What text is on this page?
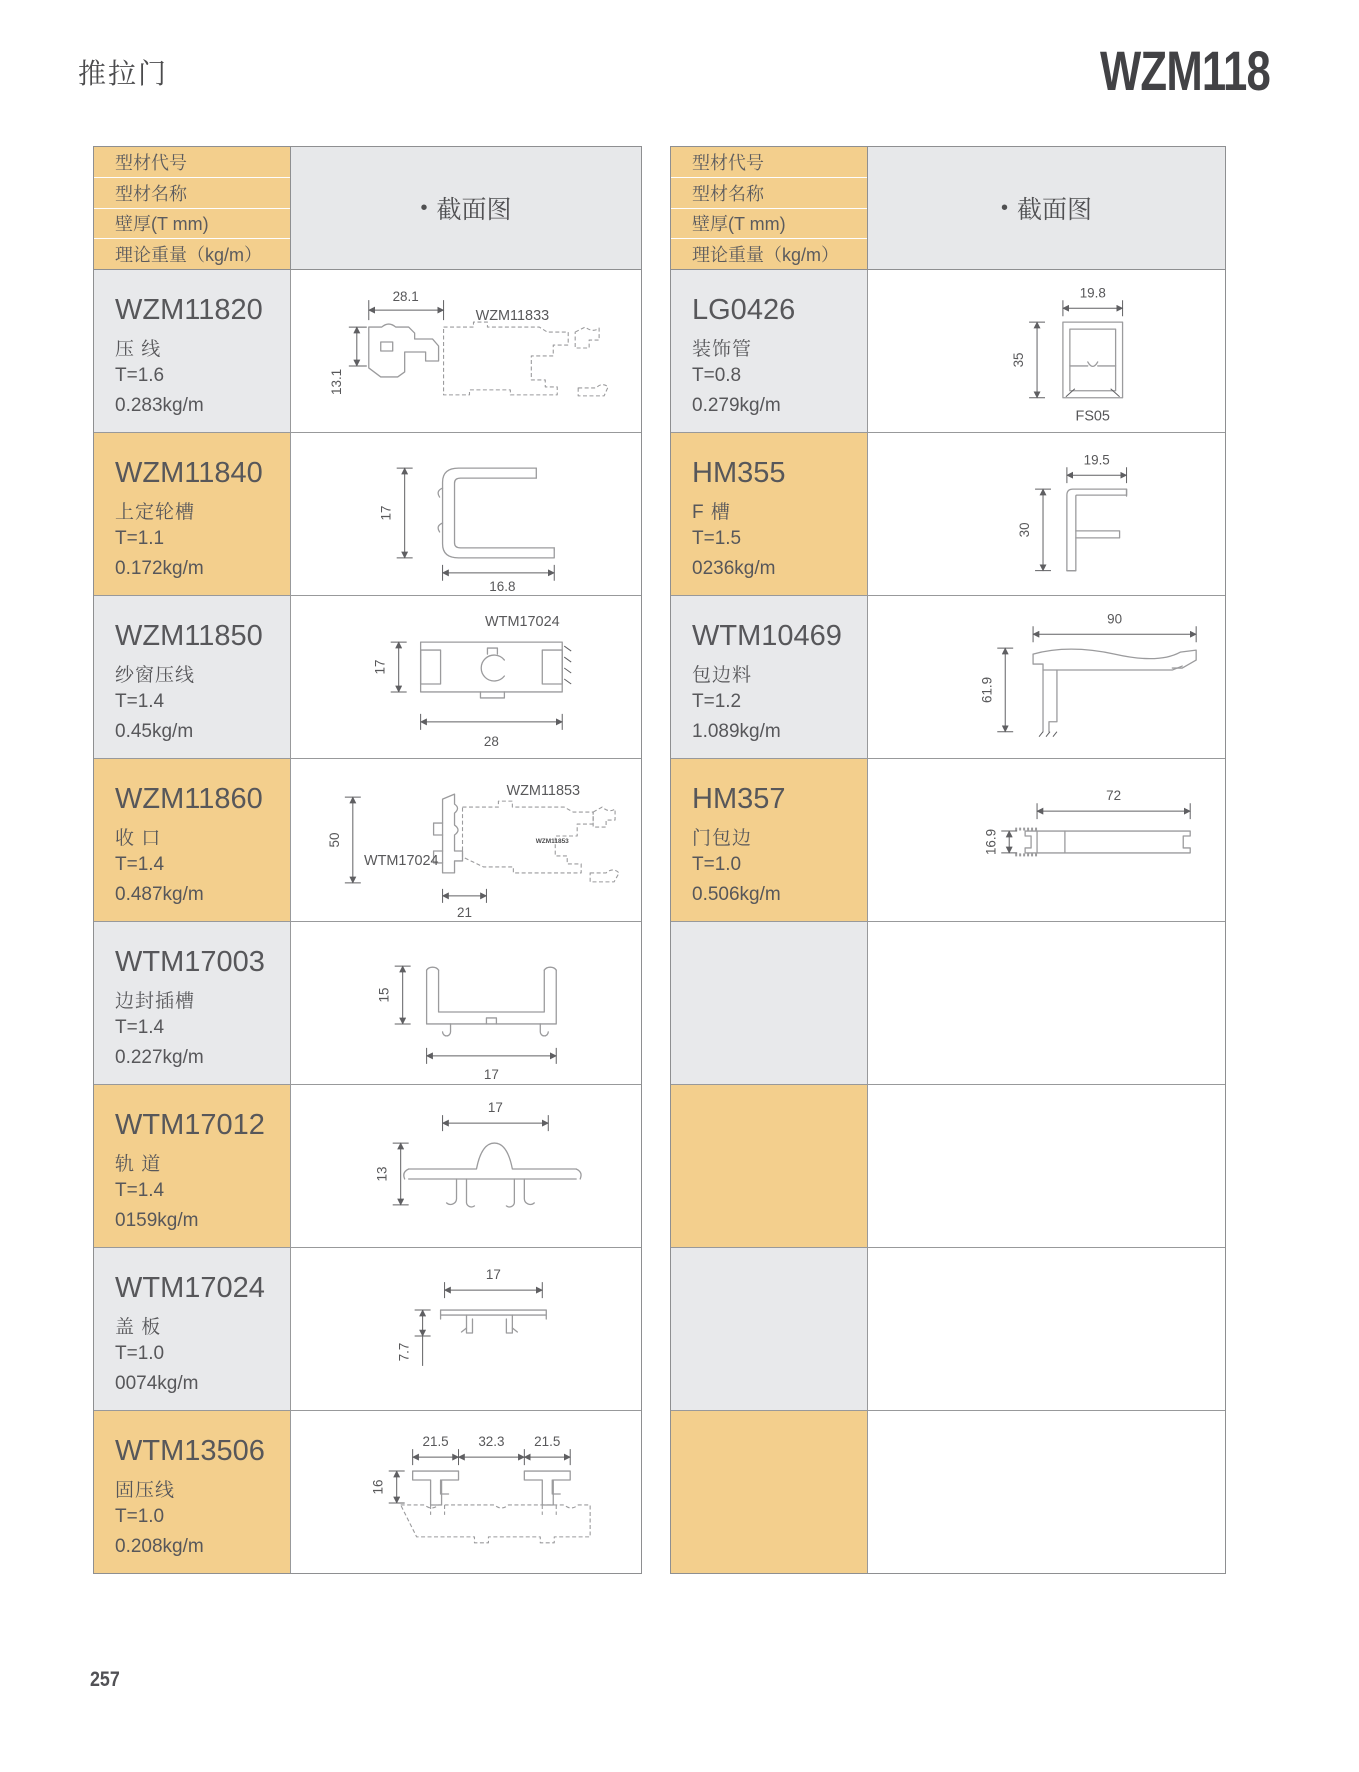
推拉门	WZM118
257
型材代号
型材名称
壁厚(T mm)
理论重量（kg/m）
• 截面图
WZM11820
压 线
T=1.6
0.283kg/m
28.1
WZM11833
13.1
WZM11840
上定轮槽
T=1.1
0.172kg/m
17
16.8
WZM11850
纱窗压线
T=1.4
0.45kg/m
WTM17024
17
28
WZM11860
收 口
T=1.4
0.487kg/m
50
WZM11853
WTM17024
WZM11853
21
WTM17003
边封插槽
T=1.4
0.227kg/m
15
17
WTM17012
轨 道
T=1.4
0159kg/m
17
13
WTM17024
盖 板
T=1.0
0074kg/m
17
7.7
WTM13506
固压线
T=1.0
0.208kg/m
21.5 32.3 21.5
16
型材代号
型材名称
壁厚(T mm)
理论重量（kg/m）
• 截面图
LG0426
装饰管
T=0.8
0.279kg/m
19.8
35
FS05
HM355
F 槽
T=1.5
0236kg/m
19.5
30
WTM10469
包边料
T=1.2
1.089kg/m
90
61.9
HM357
门包边
T=1.0
0.506kg/m
72
16.9
